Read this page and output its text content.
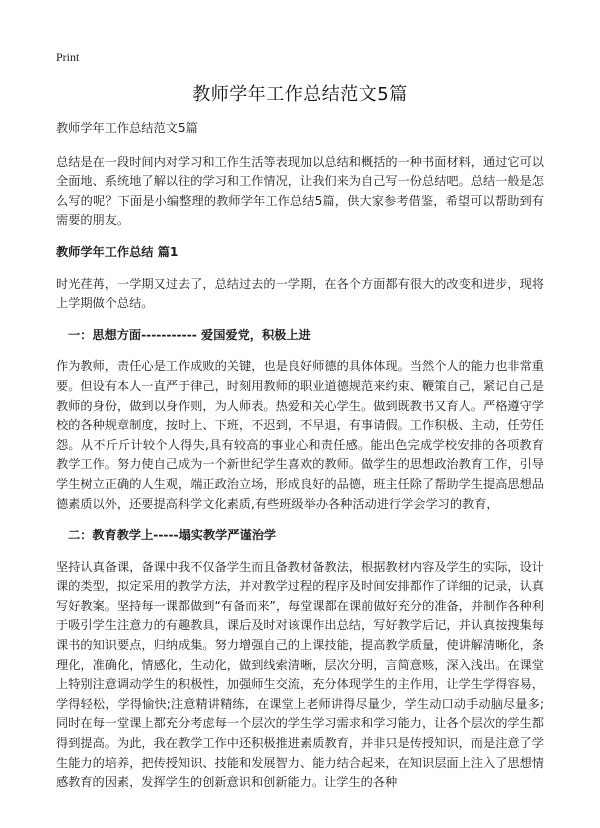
Print
教师学年工作总结范文5篇

教师学年工作总结范文5篇

总结是在一段时间内对学习和工作生活等表现加以总结和概括的一种书面材料，通过它可以全面地、系统地了解以往的学习和工作情况，让我们来为自己写一份总结吧。总结一般是怎么写的呢？下面是小编整理的教师学年工作总结5篇，供大家参考借鉴，希望可以帮助到有需要的朋友。

教师学年工作总结 篇1

时光荏苒，一学期又过去了，总结过去的一学期，在各个方面都有很大的改变和进步，现将上学期做个总结。

一：思想方面----------- 爱国爱党，积极上进

作为教师，责任心是工作成败的关键，也是良好师德的具体体现。当然个人的能力也非常重要。但设有本人一直严于律己，时刻用教师的职业道德规范来约束、鞭策自己，紧记自己是教师的身份，做到以身作则，为人师表。热爱和关心学生。做到既教书又育人。严格遵守学校的各种规章制度，按时上、下班，不迟到，不早退，有事请假。工作积极、主动，任劳任怨。从不斤斤计较个人得失,具有较高的事业心和责任感。能出色完成学校安排的各项教育教学工作。努力使自己成为一个新世纪学生喜欢的教师。做学生的思想政治教育工作，引导学生树立正确的人生观，端正政治立场，形成良好的品德，班主任除了帮助学生提高思想品德素质以外，还要提高科学文化素质,有些班级举办各种活动进行学会学习的教育，

二：教育教学上-----塌实教学严谨治学

坚持认真备课，备课中我不仅备学生而且备教材备教法，根据教材内容及学生的实际，设计课的类型，拟定采用的教学方法，并对教学过程的程序及时间安排都作了详细的记录，认真写好教案。坚持每一课都做到“有备而来”，每堂课都在课前做好充分的准备，并制作各种利于吸引学生注意力的有趣教具，课后及时对该课作出总结，写好教学后记，并认真按搜集每课书的知识要点，归纳成集。努力增强自己的上课技能，提高教学质量，使讲解清晰化，条理化，准确化，情感化，生动化，做到线索清晰，层次分明，言简意赅，深入浅出。在课堂上特别注意调动学生的积极性，加强师生交流，充分体现学生的主作用，让学生学得容易，学得轻松，学得愉快;注意精讲精练，在课堂上老师讲得尽量少，学生动口动手动脑尽量多;同时在每一堂课上都充分考虑每一个层次的学生学习需求和学习能力，让各个层次的学生都得到提高。为此，我在教学工作中还积极推进素质教育，并非只是传授知识，而是注意了学生能力的培养，把传授知识、技能和发展智力、能力结合起来，在知识层面上注入了思想情感教育的因素，发挥学生的创新意识和创新能力。让学生的各种
